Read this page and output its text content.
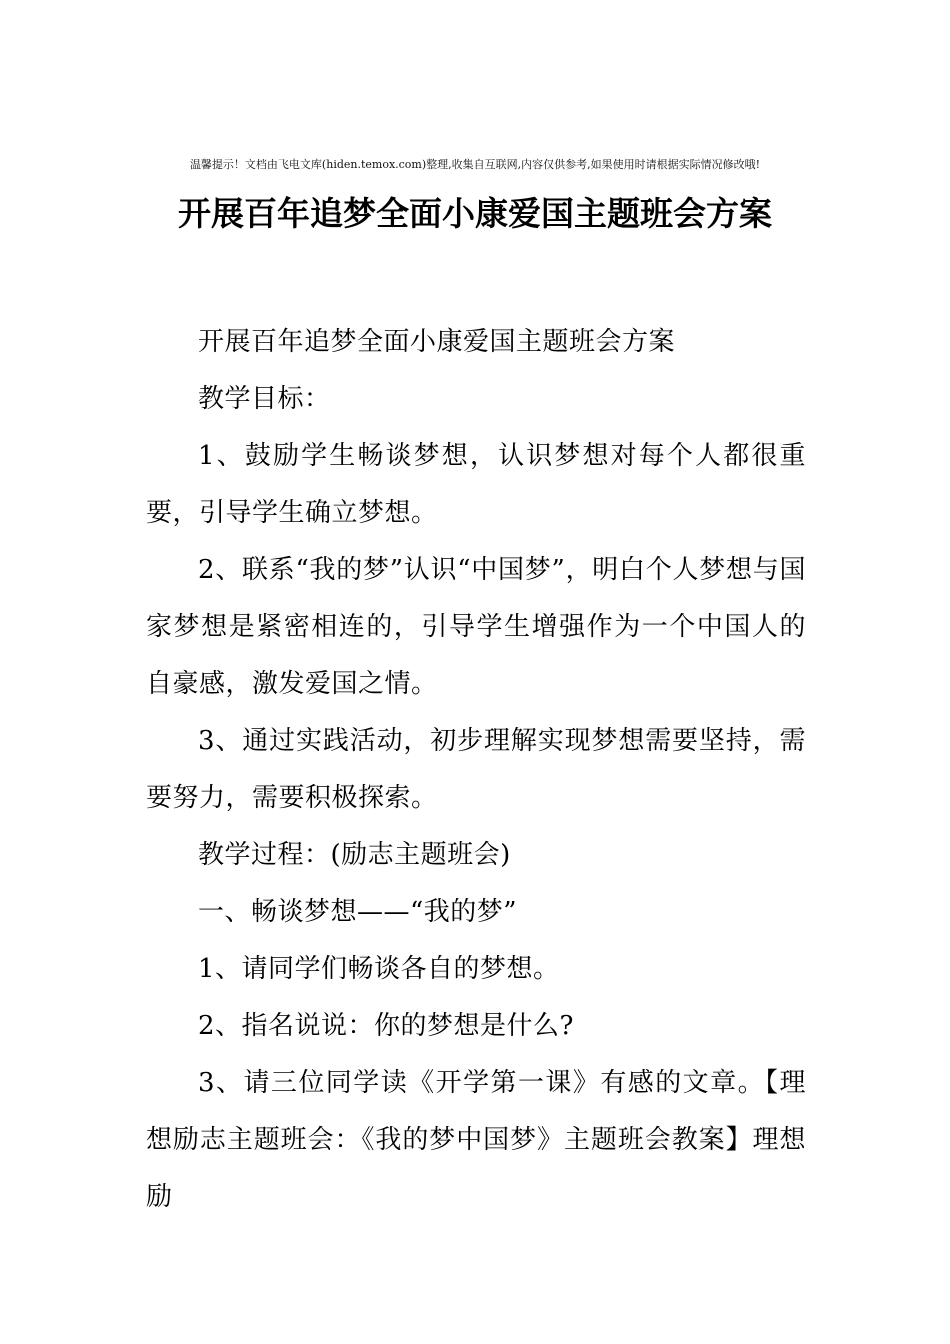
温馨提示！文档由飞电文库(hiden.temox.com)整理,收集自互联网,内容仅供参考,如果使用时请根据实际情况修改哦!
开展百年追梦全面小康爱国主题班会方案

开展百年追梦全面小康爱国主题班会方案

教学目标：

1、鼓励学生畅谈梦想，认识梦想对每个人都很重要，引导学生确立梦想。

2、联系“我的梦”认识“中国梦”，明白个人梦想与国家梦想是紧密相连的，引导学生增强作为一个中国人的自豪感，激发爱国之情。

3、通过实践活动，初步理解实现梦想需要坚持，需要努力，需要积极探索。

教学过程：(励志主题班会)

一、畅谈梦想——“我的梦”

1、请同学们畅谈各自的梦想。

2、指名说说：你的梦想是什么?

3、请三位同学读《开学第一课》有感的文章。【理想励志主题班会：《我的梦中国梦》主题班会教案】理想励
